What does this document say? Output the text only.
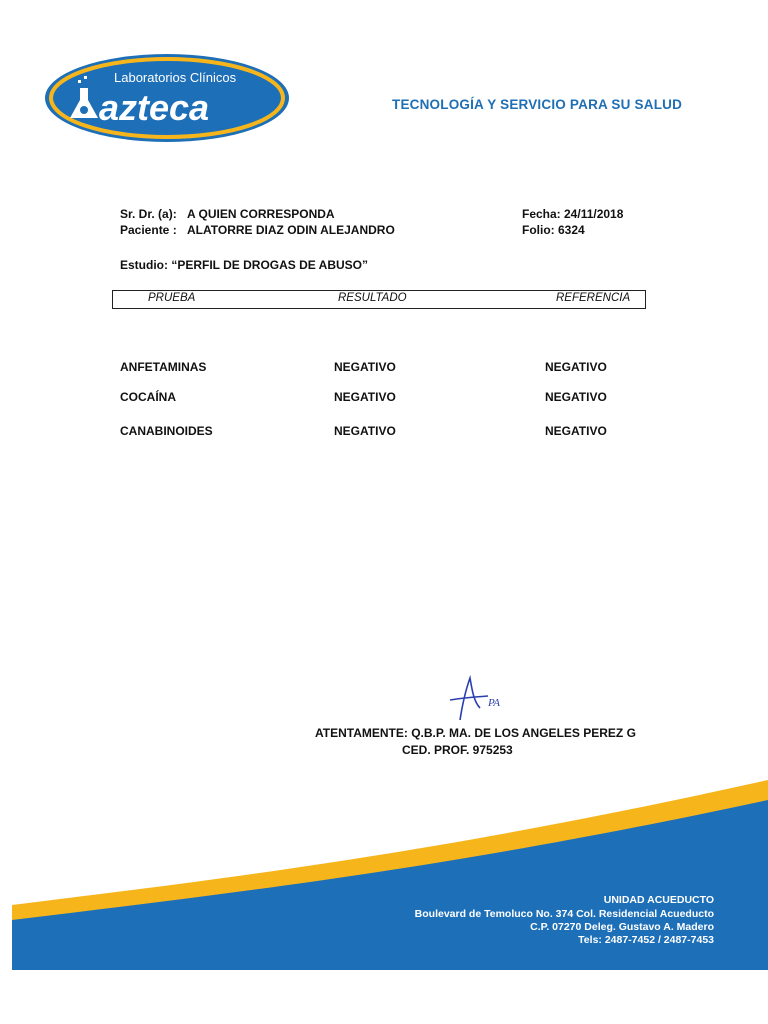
Laboratorios Clínicos
azteca	TECNOLOGÍA Y SERVICIO PARA SU SALUD
Sr. Dr. (a): A QUIEN CORRESPONDA
Paciente : ALATORRE DIAZ ODIN ALEJANDRO
Fecha: 24/11/2018
Folio: 6324
Estudio: “PERFIL DE DROGAS DE ABUSO”
PRUEBA	RESULTADO	REFERENCIA
ANFETAMINAS	NEGATIVO	NEGATIVO
COCAÍNA	NEGATIVO	NEGATIVO
CANABINOIDES	NEGATIVO	NEGATIVO
PA
ATENTAMENTE: Q.B.P. MA. DE LOS ANGELES PEREZ G
CED. PROF. 975253
UNIDAD ACUEDUCTO
Boulevard de Temoluco No. 374 Col. Residencial Acueducto
C.P. 07270 Deleg. Gustavo A. Madero
Tels: 2487-7452 / 2487-7453
